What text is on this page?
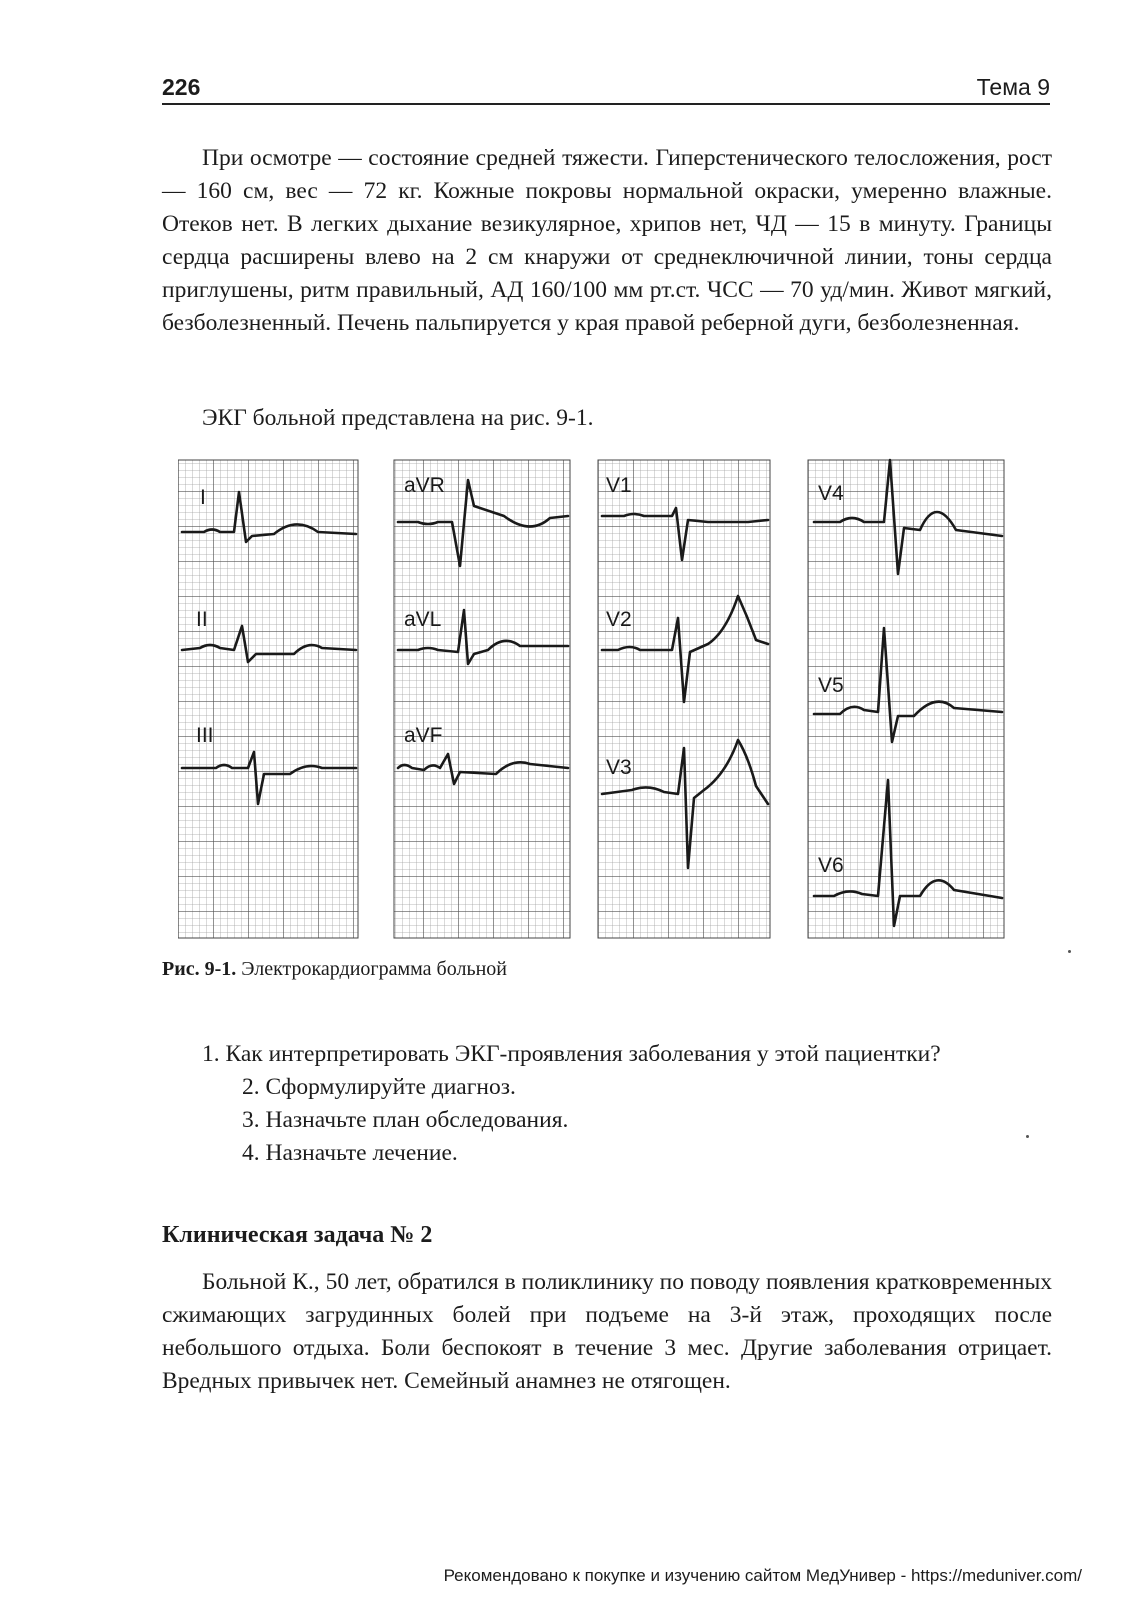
226	Тема 9

При осмотре — состояние средней тяжести. Гиперстенического телосложения, рост — 160 см, вес — 72 кг. Кожные покровы нормальной окраски, умеренно влажные. Отеков нет. В легких дыхание везикулярное, хрипов нет, ЧД — 15 в минуту. Границы сердца расширены влево на 2 см кнаружи от среднеключичной линии, тоны сердца приглушены, ритм правильный, АД 160/100 мм рт.ст. ЧСС — 70 уд/мин. Живот мягкий, безболезненный. Печень пальпируется у края правой реберной дуги, безболезненная.

ЭКГ больной представлена на рис. 9-1.

I
II
III
aVR
aVL
aVF
V1
V2
V3
V4
V5
V6
Рис. 9-1. Электрокардиограмма больной

1. Как интерпретировать ЭКГ-проявления заболевания у этой пациентки?

2. Сформулируйте диагноз.

3. Назначьте план обследования.

4. Назначьте лечение.

Клиническая задача № 2

Больной К., 50 лет, обратился в поликлинику по поводу появления кратковременных сжимающих загрудинных болей при подъеме на 3-й этаж, проходящих после небольшого отдыха. Боли беспокоят в течение 3 мес. Другие заболевания отрицает. Вредных привычек нет. Семейный анамнез не отягощен.

Рекомендовано к покупке и изучению сайтом МедУнивер - https://meduniver.com/
